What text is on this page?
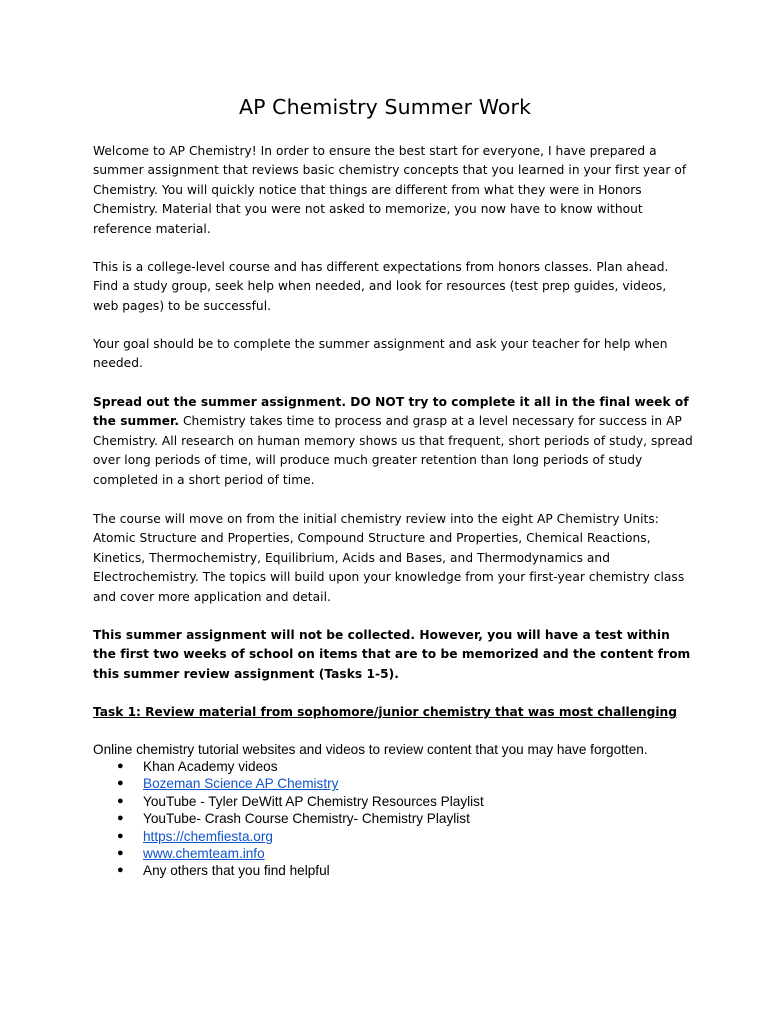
AP Chemistry Summer Work

Welcome to AP Chemistry! In order to ensure the best start for everyone, I have prepared a summer assignment that reviews basic chemistry concepts that you learned in your first year of Chemistry. You will quickly notice that things are different from what they were in Honors Chemistry. Material that you were not asked to memorize, you now have to know without reference material.

This is a college-level course and has different expectations from honors classes. Plan ahead. Find a study group, seek help when needed, and look for resources (test prep guides, videos, web pages) to be successful.

Your goal should be to complete the summer assignment and ask your teacher for help when needed.

Spread out the summer assignment. DO NOT try to complete it all in the final week of the summer. Chemistry takes time to process and grasp at a level necessary for success in AP Chemistry. All research on human memory shows us that frequent, short periods of study, spread over long periods of time, will produce much greater retention than long periods of study completed in a short period of time.

The course will move on from the initial chemistry review into the eight AP Chemistry Units: Atomic Structure and Properties, Compound Structure and Properties, Chemical Reactions, Kinetics, Thermochemistry, Equilibrium, Acids and Bases, and Thermodynamics and Electrochemistry. The topics will build upon your knowledge from your first-year chemistry class and cover more application and detail.

This summer assignment will not be collected. However, you will have a test within the first two weeks of school on items that are to be memorized and the content from this summer review assignment (Tasks 1-5).

Task 1: Review material from sophomore/junior chemistry that was most challenging

Online chemistry tutorial websites and videos to review content that you may have forgotten.

● Khan Academy videos
● Bozeman Science AP Chemistry
● YouTube - Tyler DeWitt AP Chemistry Resources Playlist
● YouTube- Crash Course Chemistry- Chemistry Playlist
● https://chemfiesta.org
● www.chemteam.info
● Any others that you find helpful
